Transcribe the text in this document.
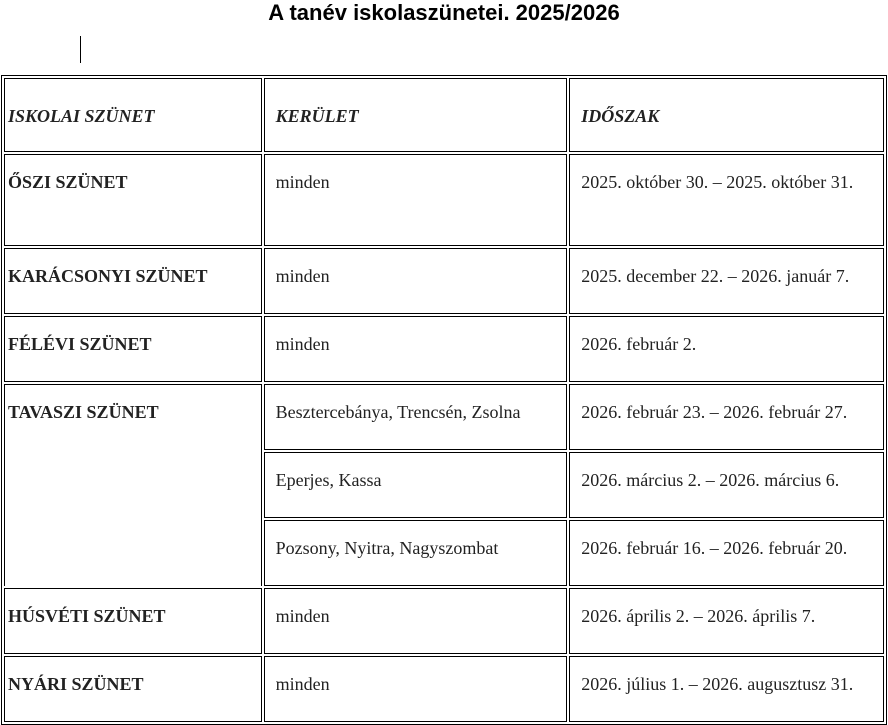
A tanév iskolaszünetei. 2025/2026
ISKOLAI SZÜNET	KERÜLET	IDŐSZAK
ŐSZI SZÜNET	minden	2025. október 30. – 2025. október 31.
KARÁCSONYI SZÜNET	minden	2025. december 22. – 2026. január 7.
FÉLÉVI SZÜNET	minden	2026. február 2.
TAVASZI SZÜNET	Besztercebánya, Trencsén, Zsolna	2026. február 23. – 2026. február 27.
	Eperjes, Kassa	2026. március 2. – 2026. március 6.
	Pozsony, Nyitra, Nagyszombat	2026. február 16. – 2026. február 20.
HÚSVÉTI SZÜNET	minden	2026. április 2. – 2026. április 7.
NYÁRI SZÜNET	minden	2026. július 1. – 2026. augusztusz 31.
